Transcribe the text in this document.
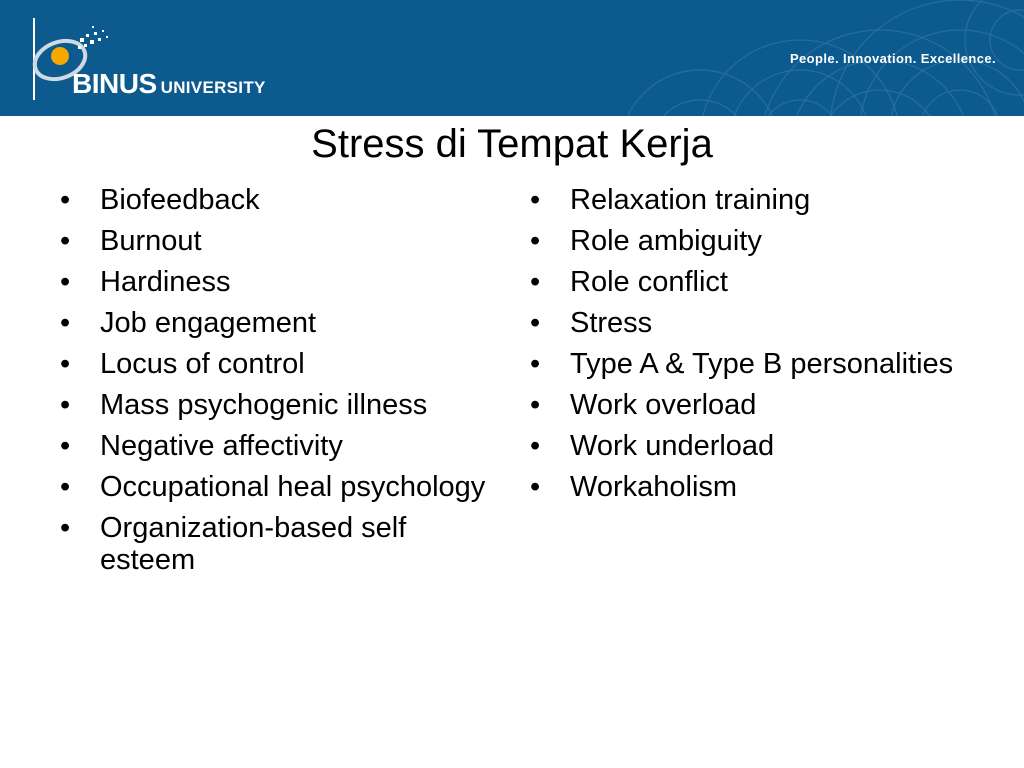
BINUS UNIVERSITY
People. Innovation. Excellence.
Stress di Tempat Kerja
• Biofeedback
• Burnout
• Hardiness
• Job engagement
• Locus of control
• Mass psychogenic illness
• Negative affectivity
• Occupational heal psychology
• Organization-based self esteem
• Relaxation training
• Role ambiguity
• Role conflict
• Stress
• Type A & Type B personalities
• Work overload
• Work underload
• Workaholism
